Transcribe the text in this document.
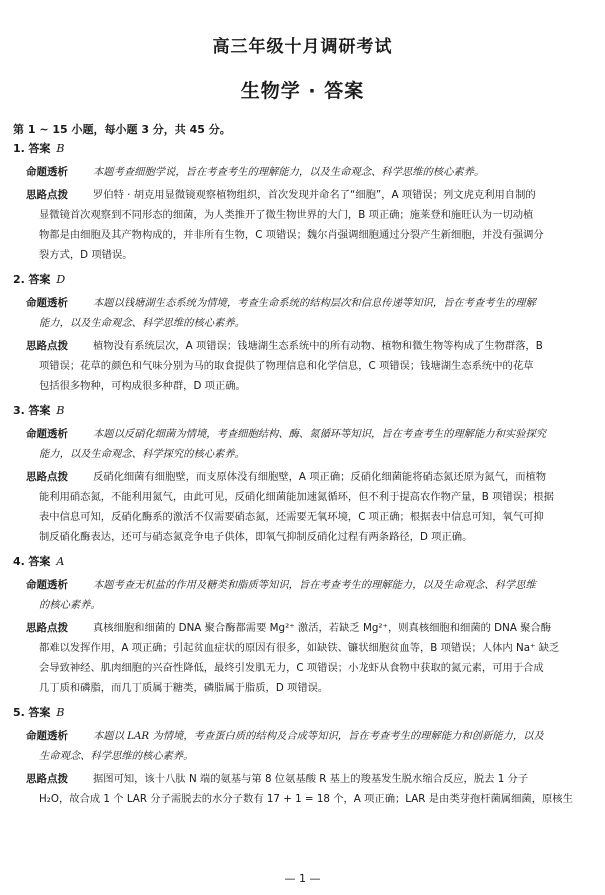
高三年级十月调研考试
生物学 · 答案
第 1 ~ 15 小题，每小题 3 分，共 45 分。
1. 答案 B
命题透析	本题考查细胞学说，旨在考查考生的理解能力，以及生命观念、科学思维的核心素养。
思路点拨	罗伯特 · 胡克用显微镜观察植物组织，首次发现并命名了“细胞”，A 项错误；列文虎克利用自制的
显微镜首次观察到不同形态的细菌，为人类推开了微生物世界的大门，B 项正确；施莱登和施旺认为一切动植
物都是由细胞及其产物构成的，并非所有生物，C 项错误；魏尔肖强调细胞通过分裂产生新细胞，并没有强调分
裂方式，D 项错误。
2. 答案 D
命题透析	本题以钱塘湖生态系统为情境，考查生命系统的结构层次和信息传递等知识，旨在考查考生的理解
能力，以及生命观念、科学思维的核心素养。
思路点拨	植物没有系统层次，A 项错误；钱塘湖生态系统中的所有动物、植物和微生物等构成了生物群落，B
项错误；花草的颜色和气味分别为马的取食提供了物理信息和化学信息，C 项错误；钱塘湖生态系统中的花草
包括很多物种，可构成很多种群，D 项正确。
3. 答案 B
命题透析	本题以反硝化细菌为情境，考查细胞结构、酶、氮循环等知识，旨在考查考生的理解能力和实验探究
能力，以及生命观念、科学探究的核心素养。
思路点拨	反硝化细菌有细胞壁，而支原体没有细胞壁，A 项正确；反硝化细菌能将硝态氮还原为氮气，而植物
能利用硝态氮，不能利用氮气，由此可见，反硝化细菌能加速氮循环，但不利于提高农作物产量，B 项错误；根据
表中信息可知，反硝化酶系的激活不仅需要硝态氮，还需要无氧环境，C 项正确；根据表中信息可知，氧气可抑
制反硝化酶表达，还可与硝态氮竞争电子供体，即氧气抑制反硝化过程有两条路径，D 项正确。
4. 答案 A
命题透析	本题考查无机盐的作用及糖类和脂质等知识，旨在考查考生的理解能力，以及生命观念、科学思维
的核心素养。
思路点拨	真核细胞和细菌的 DNA 聚合酶都需要 Mg²⁺ 激活，若缺乏 Mg²⁺，则真核细胞和细菌的 DNA 聚合酶
都难以发挥作用，A 项正确；引起贫血症状的原因有很多，如缺铁、镰状细胞贫血等，B 项错误；人体内 Na⁺ 缺乏
会导致神经、肌肉细胞的兴奋性降低，最终引发肌无力，C 项错误；小龙虾从食物中获取的氮元素，可用于合成
几丁质和磷脂，而几丁质属于糖类，磷脂属于脂质，D 项错误。
5. 答案 B
命题透析	本题以 LAR 为情境，考查蛋白质的结构及合成等知识，旨在考查考生的理解能力和创新能力，以及
生命观念、科学思维的核心素养。
思路点拨	据图可知，该十八肽 N 端的氨基与第 8 位氨基酸 R 基上的羧基发生脱水缩合反应，脱去 1 分子
H₂O，故合成 1 个 LAR 分子需脱去的水分子数有 17 + 1 = 18 个，A 项正确；LAR 是由类芽孢杆菌属细菌，原核生
— 1 —
